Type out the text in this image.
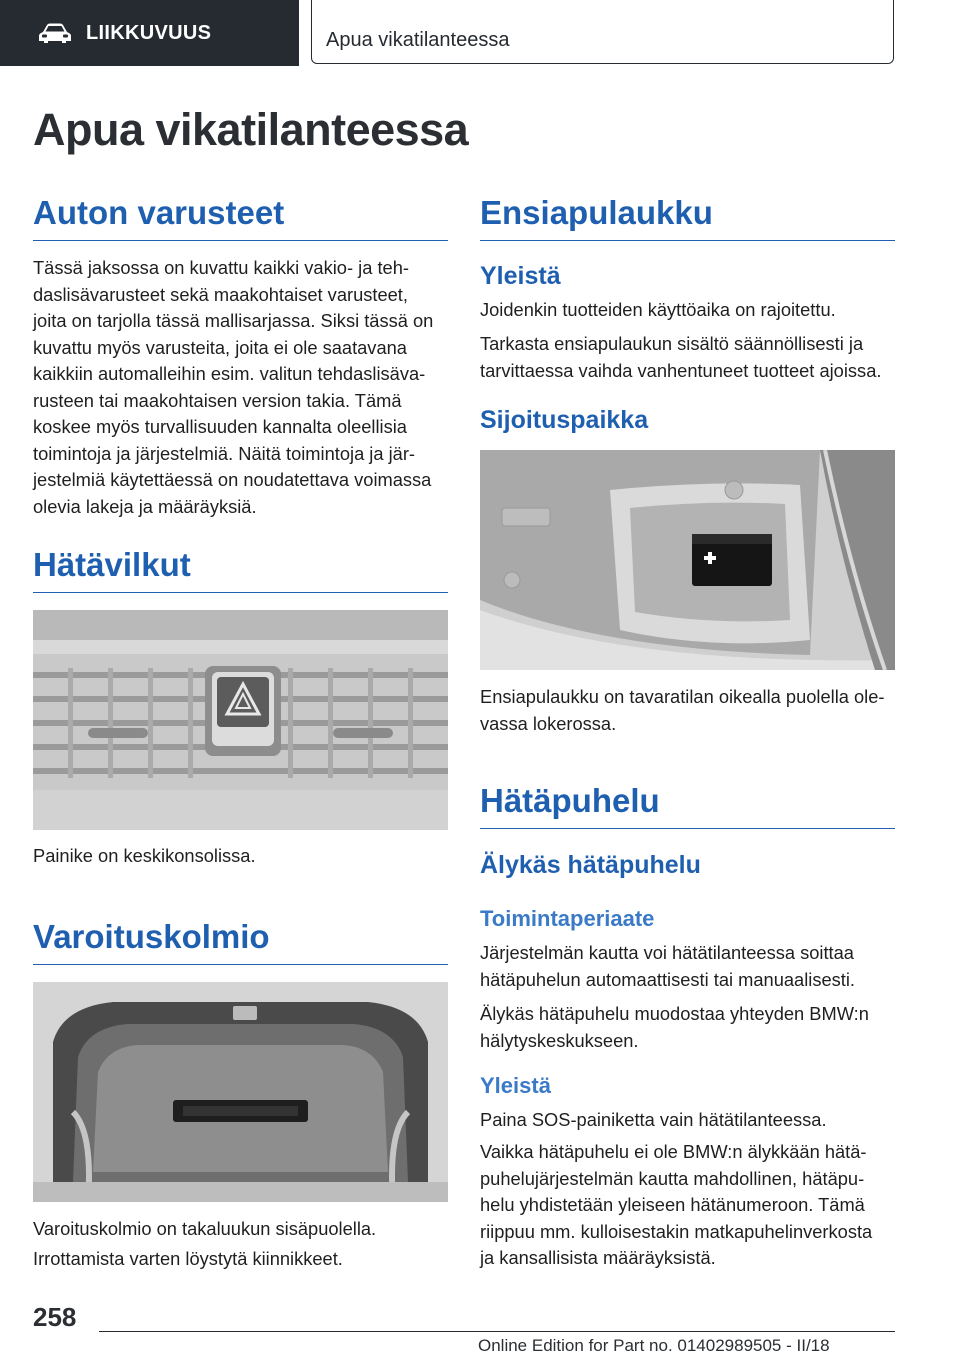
LIIKKUVUUS	Apua vikatilanteessa
Apua vikatilanteessa
Auton varusteet

Tässä jaksossa on kuvattu kaikki vakio- ja teh-
daslisävarusteet sekä maakohtaiset varusteet,
joita on tarjolla tässä mallisarjassa. Siksi tässä on
kuvattu myös varusteita, joita ei ole saatavana
kaikkiin automalleihin esim. valitun tehdaslisäva-
rusteen tai maakohtaisen version takia. Tämä
koskee myös turvallisuuden kannalta oleellisia
toimintoja ja järjestelmiä. Näitä toimintoja ja jär-
jestelmiä käytettäessä on noudatettava voimassa
olevia lakeja ja määräyksiä.

Hätävilkut

Painike on keskikonsolissa.

Varoituskolmio

Varoituskolmio on takaluukun sisäpuolella.

Irrottamista varten löystytä kiinnikkeet.

Ensiapulaukku
Yleistä

Joidenkin tuotteiden käyttöaika on rajoitettu.

Tarkasta ensiapulaukun sisältö säännöllisesti ja
tarvittaessa vaihda vanhentuneet tuotteet ajoissa.

Sijoituspaikka

Ensiapulaukku on tavaratilan oikealla puolella ole-
vassa lokerossa.

Hätäpuhelu
Älykäs hätäpuhelu
Toimintaperiaate

Järjestelmän kautta voi hätätilanteessa soittaa
hätäpuhelun automaattisesti tai manuaalisesti.

Älykäs hätäpuhelu muodostaa yhteyden BMW:n
hälytyskeskukseen.

Yleistä

Paina SOS-painiketta vain hätätilanteessa.

Vaikka hätäpuhelu ei ole BMW:n älykkään hätä-
puhelujärjestelmän kautta mahdollinen, hätäpu-
helu yhdistetään yleiseen hätänumeroon. Tämä
riippuu mm. kulloisestakin matkapuhelinverkosta
ja kansallisista määräyksistä.

258
Online Edition for Part no. 01402989505 - II/18
